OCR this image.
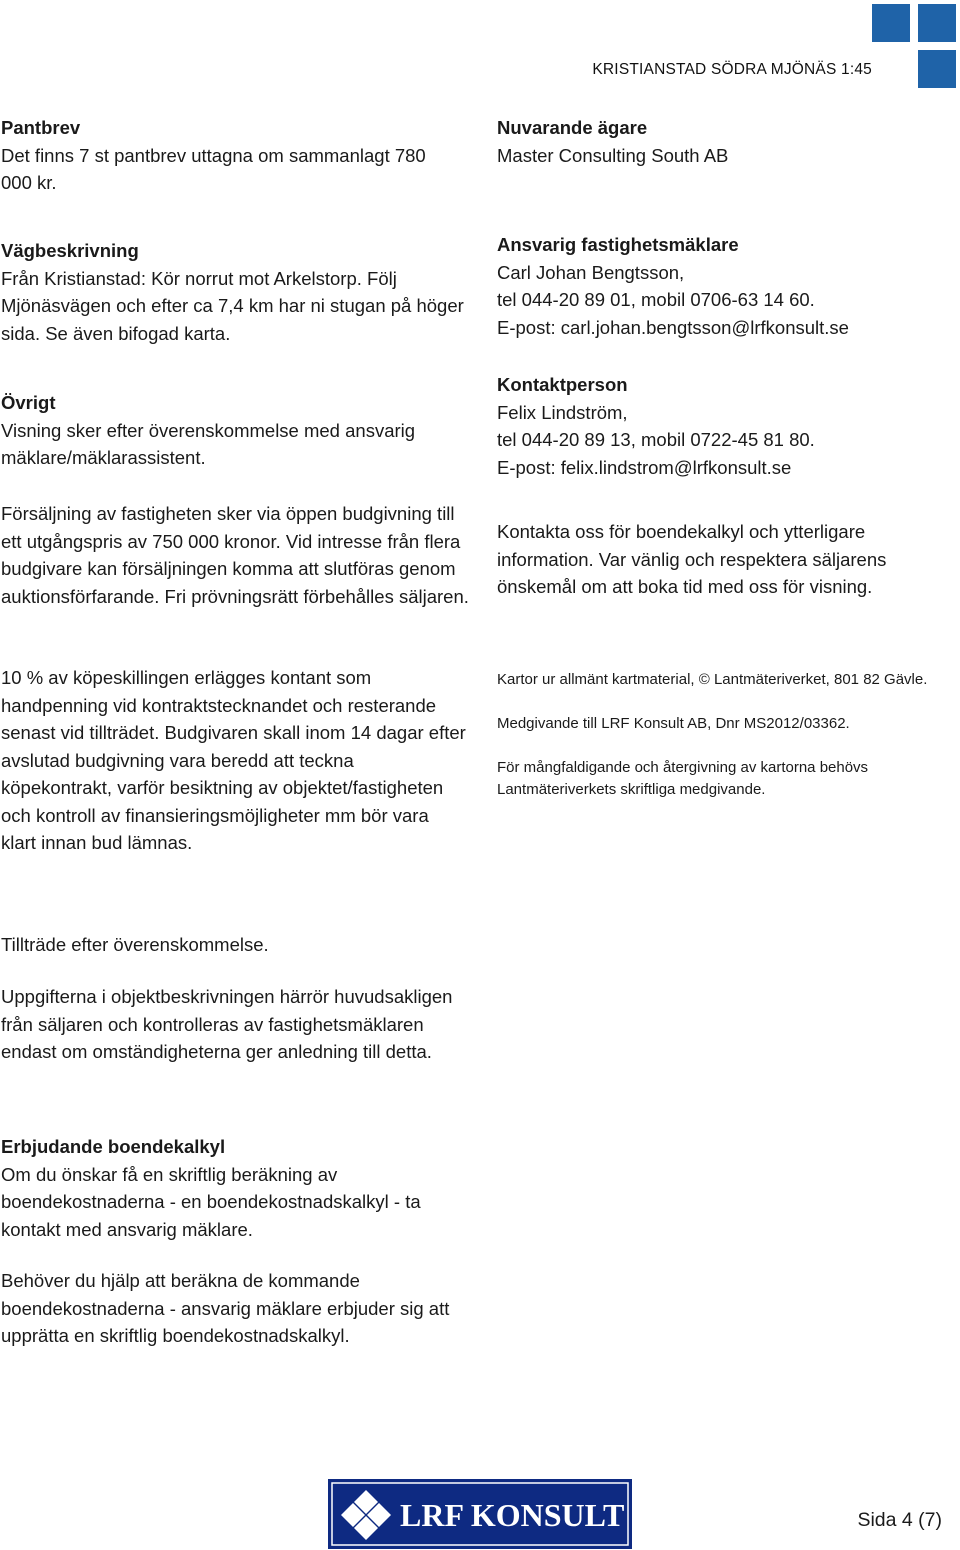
KRISTIANSTAD SÖDRA MJÖNÄS 1:45
Pantbrev
Det finns 7 st pantbrev uttagna om sammanlagt 780 000 kr.
Vägbeskrivning
Från Kristianstad: Kör norrut mot Arkelstorp. Följ Mjönäsvägen och efter ca 7,4 km har ni stugan på höger sida. Se även bifogad karta.
Övrigt
Visning sker efter överenskommelse med ansvarig mäklare/mäklarassistent.
Försäljning av fastigheten sker via öppen budgivning till ett utgångspris av 750 000 kronor. Vid intresse från flera budgivare kan försäljningen komma att slutföras genom auktionsförfarande. Fri prövningsrätt förbehålles säljaren.
10 % av köpeskillingen erlägges kontant som handpenning vid kontraktstecknandet och resterande senast vid tillträdet. Budgivaren skall inom 14 dagar efter avslutad budgivning vara beredd att teckna köpekontrakt, varför besiktning av objektet/fastigheten och kontroll av finansieringsmöjligheter mm bör vara klart innan bud lämnas.
Nuvarande ägare
Master Consulting South AB
Ansvarig fastighetsmäklare
Carl Johan Bengtsson,
tel 044-20 89 01, mobil 0706-63 14 60.
E-post: carl.johan.bengtsson@lrfkonsult.se
Kontaktperson
Felix Lindström,
tel 044-20 89 13, mobil 0722-45 81 80.
E-post: felix.lindstrom@lrfkonsult.se
Kontakta oss för boendekalkyl och ytterligare information. Var vänlig och respektera säljarens önskemål om att boka tid med oss för visning.
Kartor ur allmänt kartmaterial, © Lantmäteriverket, 801 82 Gävle.
Medgivande till LRF Konsult AB, Dnr MS2012/03362.
För mångfaldigande och återgivning av kartorna behövs Lantmäteriverkets skriftliga medgivande.
Tillträde efter överenskommelse.
Uppgifterna i objektbeskrivningen härrör huvudsakligen från säljaren och kontrolleras av fastighetsmäklaren endast om omständigheterna ger anledning till detta.
Erbjudande boendekalkyl
Om du önskar få en skriftlig beräkning av boendekostnaderna - en boendekostnadskalkyl - ta kontakt med ansvarig mäklare.
Behöver du hjälp att beräkna de kommande boendekostnaderna - ansvarig mäklare erbjuder sig att upprätta en skriftlig boendekostnadskalkyl.
LRF KONSULT	Sida 4 (7)
